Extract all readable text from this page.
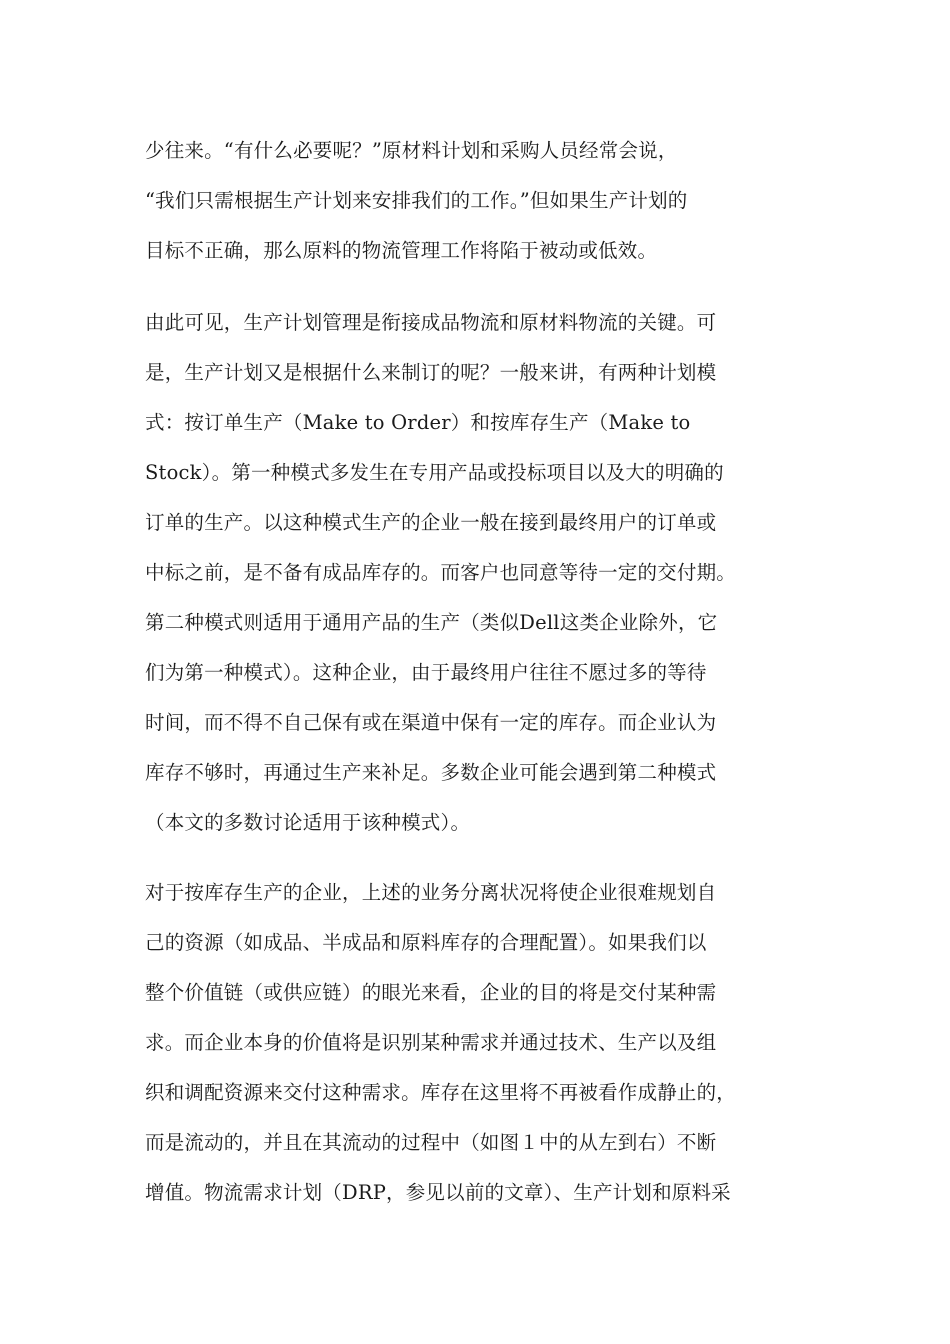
少往来。“有什么必要呢？”原材料计划和采购人员经常会说，
“我们只需根据生产计划来安排我们的工作。”但如果生产计划的
目标不正确，那么原料的物流管理工作将陷于被动或低效。
由此可见，生产计划管理是衔接成品物流和原材料物流的关键。可
是，生产计划又是根据什么来制订的呢？一般来讲，有两种计划模
式：按订单生产（Make to Order）和按库存生产（Make to
Stock）。第一种模式多发生在专用产品或投标项目以及大的明确的
订单的生产。以这种模式生产的企业一般在接到最终用户的订单或
中标之前，是不备有成品库存的。而客户也同意等待一定的交付期。
第二种模式则适用于通用产品的生产（类似Dell这类企业除外，它
们为第一种模式）。这种企业，由于最终用户往往不愿过多的等待
时间，而不得不自己保有或在渠道中保有一定的库存。而企业认为
库存不够时，再通过生产来补足。多数企业可能会遇到第二种模式
（本文的多数讨论适用于该种模式）。
对于按库存生产的企业，上述的业务分离状况将使企业很难规划自
己的资源（如成品、半成品和原料库存的合理配置）。如果我们以
整个价值链（或供应链）的眼光来看，企业的目的将是交付某种需
求。而企业本身的价值将是识别某种需求并通过技术、生产以及组
织和调配资源来交付这种需求。库存在这里将不再被看作成静止的，
而是流动的，并且在其流动的过程中（如图１中的从左到右）不断
增值。物流需求计划（DRP，参见以前的文章）、生产计划和原料采
